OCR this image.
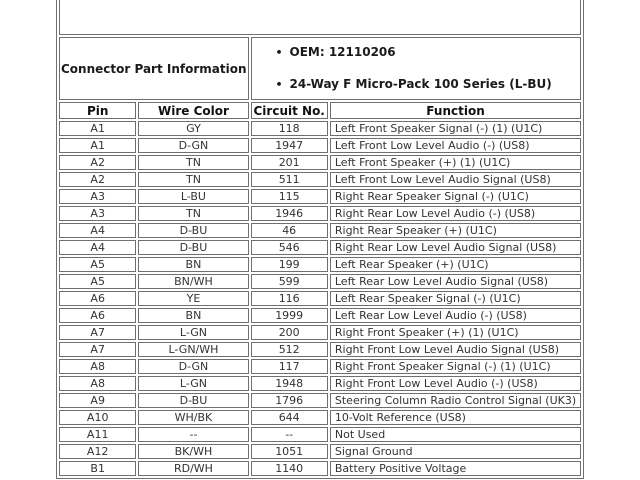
Connector Part Information		• OEM: 12110206
• 24-Way F Micro-Pack 100 Series (L-BU)	

Pin	Wire Color	Circuit No.	Function
A1	GY	118	Left Front Speaker Signal (-) (1) (U1C)
A1	D-GN	1947	Left Front Low Level Audio (-) (US8)
A2	TN	201	Left Front Speaker (+) (1) (U1C)
A2	TN	511	Left Front Low Level Audio Signal (US8)
A3	L-BU	115	Right Rear Speaker Signal (-) (U1C)
A3	TN	1946	Right Rear Low Level Audio (-) (US8)
A4	D-BU	46	Right Rear Speaker (+) (U1C)
A4	D-BU	546	Right Rear Low Level Audio Signal (US8)
A5	BN	199	Left Rear Speaker (+) (U1C)
A5	BN/WH	599	Left Rear Low Level Audio Signal (US8)
A6	YE	116	Left Rear Speaker Signal (-) (U1C)
A6	BN	1999	Left Rear Low Level Audio (-) (US8)
A7	L-GN	200	Right Front Speaker (+) (1) (U1C)
A7	L-GN/WH	512	Right Front Low Level Audio Signal (US8)
A8	D-GN	117	Right Front Speaker Signal (-) (1) (U1C)
A8	L-GN	1948	Right Front Low Level Audio (-) (US8)
A9	D-BU	1796	Steering Column Radio Control Signal (UK3)
A10	WH/BK	644	10-Volt Reference (US8)
A11	--	--	Not Used
A12	BK/WH	1051	Signal Ground
B1	RD/WH	1140	Battery Positive Voltage
